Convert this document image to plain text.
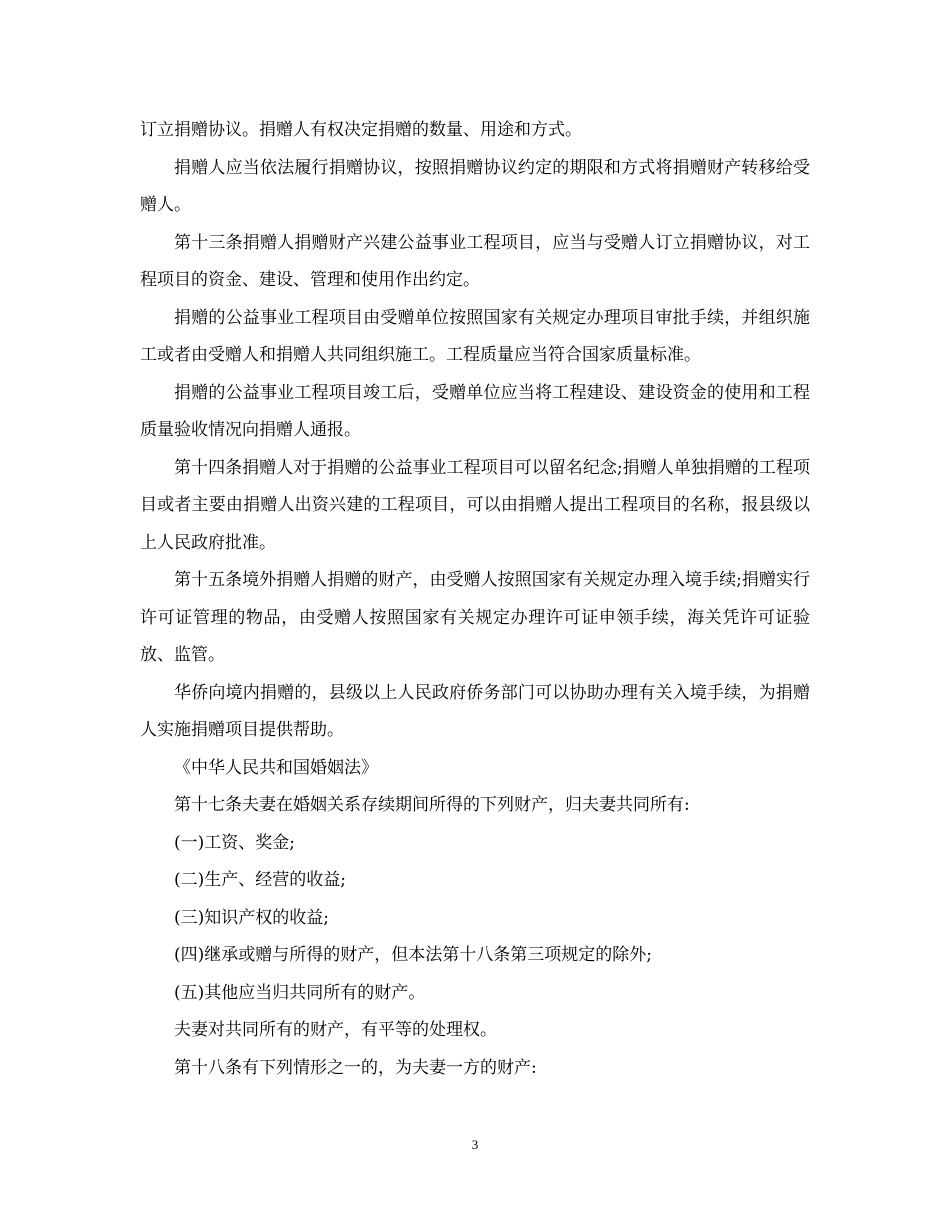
订立捐赠协议。捐赠人有权决定捐赠的数量、用途和方式。

捐赠人应当依法履行捐赠协议，按照捐赠协议约定的期限和方式将捐赠财产转移给受赠人。

第十三条捐赠人捐赠财产兴建公益事业工程项目，应当与受赠人订立捐赠协议，对工程项目的资金、建设、管理和使用作出约定。

捐赠的公益事业工程项目由受赠单位按照国家有关规定办理项目审批手续，并组织施工或者由受赠人和捐赠人共同组织施工。工程质量应当符合国家质量标准。

捐赠的公益事业工程项目竣工后，受赠单位应当将工程建设、建设资金的使用和工程质量验收情况向捐赠人通报。

第十四条捐赠人对于捐赠的公益事业工程项目可以留名纪念;捐赠人单独捐赠的工程项目或者主要由捐赠人出资兴建的工程项目，可以由捐赠人提出工程项目的名称，报县级以上人民政府批准。

第十五条境外捐赠人捐赠的财产，由受赠人按照国家有关规定办理入境手续;捐赠实行许可证管理的物品，由受赠人按照国家有关规定办理许可证申领手续，海关凭许可证验放、监管。

华侨向境内捐赠的，县级以上人民政府侨务部门可以协助办理有关入境手续，为捐赠人实施捐赠项目提供帮助。

《中华人民共和国婚姻法》

第十七条夫妻在婚姻关系存续期间所得的下列财产，归夫妻共同所有:

(一)工资、奖金;

(二)生产、经营的收益;

(三)知识产权的收益;

(四)继承或赠与所得的财产，但本法第十八条第三项规定的除外;

(五)其他应当归共同所有的财产。

夫妻对共同所有的财产，有平等的处理权。

第十八条有下列情形之一的，为夫妻一方的财产:

3
